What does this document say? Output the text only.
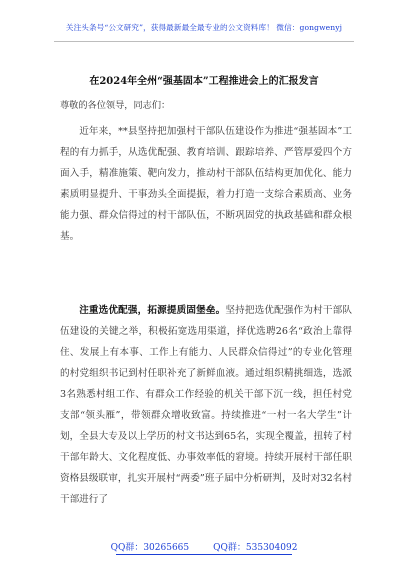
关注头条号“公文研究”，获得最新最全最专业的公文资料库！ 微信：gongwenyj
在2024年全州“强基固本”工程推进会上的汇报发言
尊敬的各位领导，同志们：

近年来，**县坚持把加强村干部队伍建设作为推进“强基固本”工程的有力抓手，从选优配强、教育培训、跟踪培养、严管厚爱四个方面入手，精准施策、靶向发力，推动村干部队伍结构更加优化、能力素质明显提升、干事劲头全面提振，着力打造一支综合素质高、业务能力强、群众信得过的村干部队伍，不断巩固党的执政基础和群众根基。

注重选优配强，拓源提质固堡垒。坚持把选优配强作为村干部队伍建设的关键之举，积极拓宽选用渠道，择优选聘26名“政治上靠得住、发展上有本事、工作上有能力、人民群众信得过”的专业化管理的村党组织书记到村任职补充了新鲜血液。通过组织精挑细选，选派3名熟悉村组工作、有群众工作经验的机关干部下沉一线，担任村党支部“领头雁”，带领群众增收致富。持续推进“一村一名大学生”计划，全县大专及以上学历的村文书达到65名，实现全覆盖，扭转了村干部年龄大、文化程度低、办事效率低的窘境。持续开展村干部任职资格县级联审，扎实开展村“两委”班子届中分析研判，及时对32名村干部进行了

QQ群：30265665	QQ群：535304092
